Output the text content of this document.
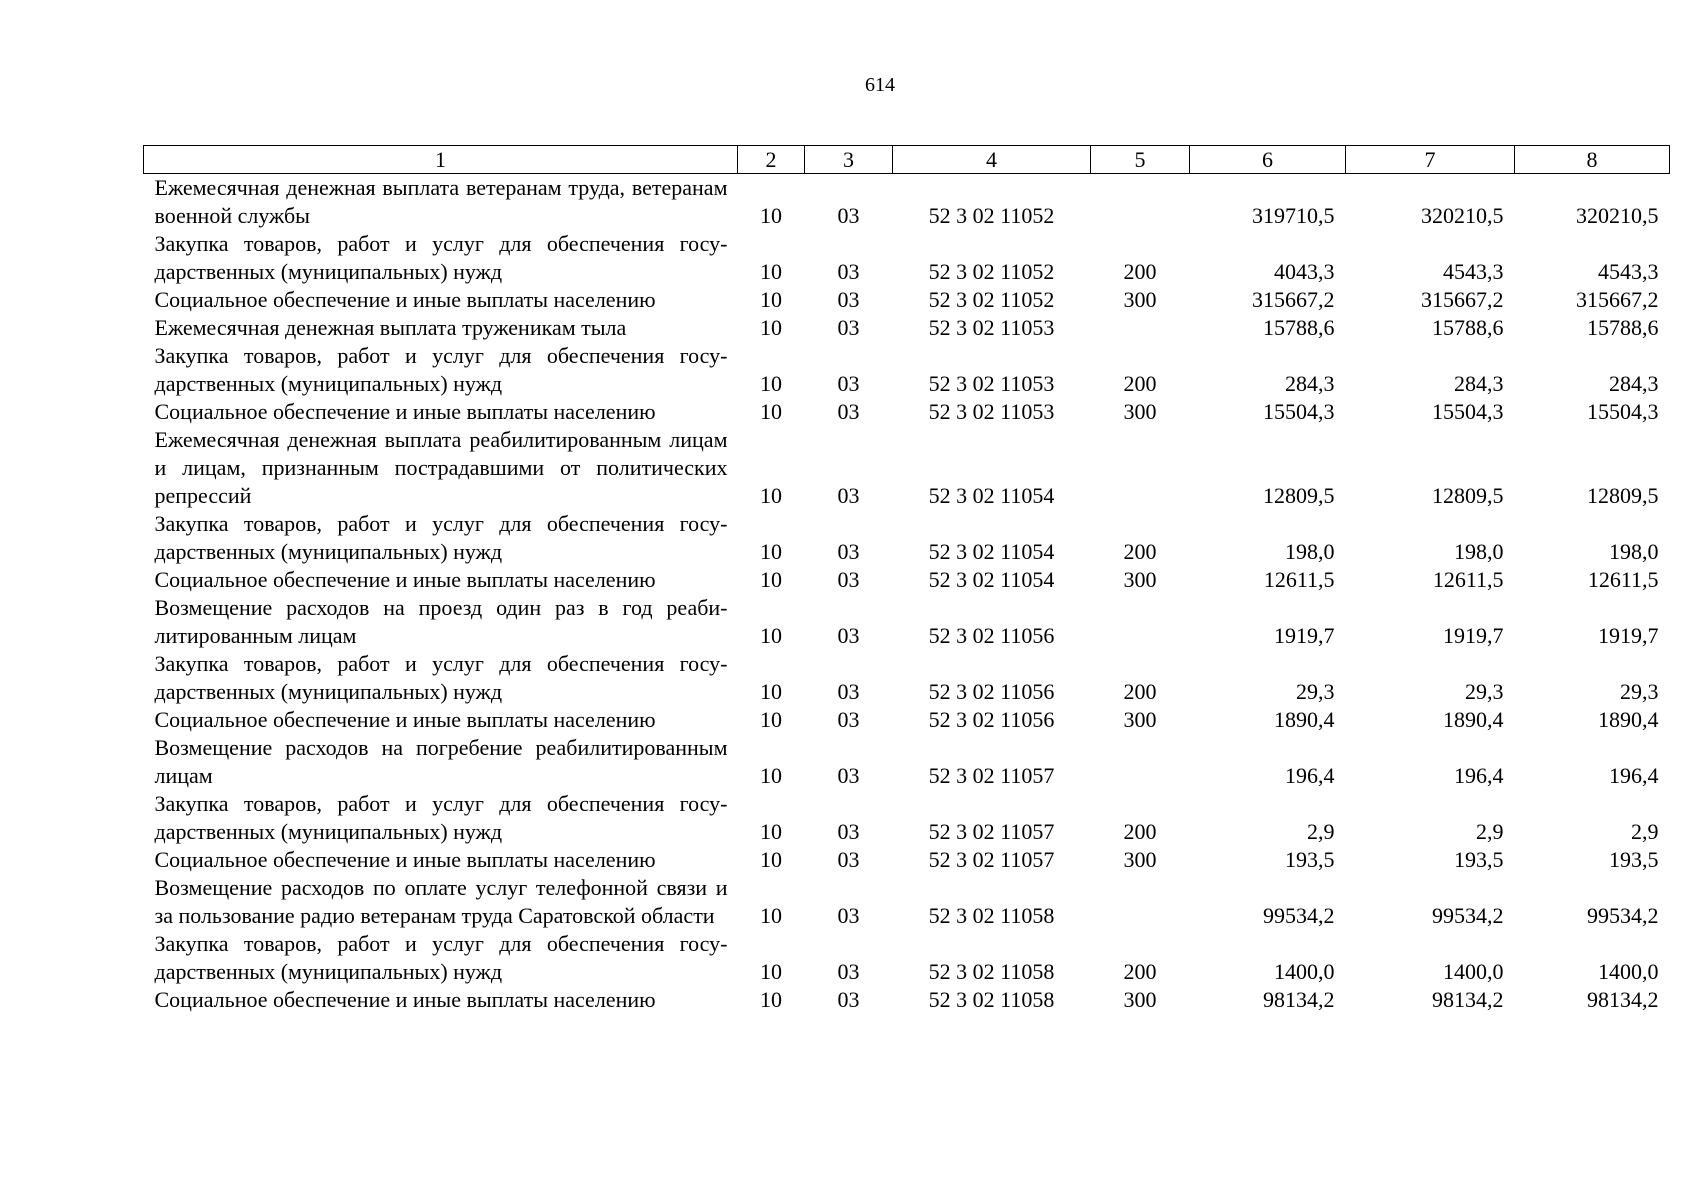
614
1	2	3	4	5	6	7	8
Ежемесячная денежная выплата ветеранам труда, ветеранам военной службы	10	03	52 3 02 11052		319710,5	320210,5	320210,5
Закупка товаров, работ и услуг для обеспечения государственных (муниципальных) нужд	10	03	52 3 02 11052	200	4043,3	4543,3	4543,3
Социальное обеспечение и иные выплаты населению	10	03	52 3 02 11052	300	315667,2	315667,2	315667,2
Ежемесячная денежная выплата труженикам тыла	10	03	52 3 02 11053		15788,6	15788,6	15788,6
Закупка товаров, работ и услуг для обеспечения государственных (муниципальных) нужд	10	03	52 3 02 11053	200	284,3	284,3	284,3
Социальное обеспечение и иные выплаты населению	10	03	52 3 02 11053	300	15504,3	15504,3	15504,3
Ежемесячная денежная выплата реабилитированным лицам и лицам, признанным пострадавшими от политических репрессий	10	03	52 3 02 11054		12809,5	12809,5	12809,5
Закупка товаров, работ и услуг для обеспечения государственных (муниципальных) нужд	10	03	52 3 02 11054	200	198,0	198,0	198,0
Социальное обеспечение и иные выплаты населению	10	03	52 3 02 11054	300	12611,5	12611,5	12611,5
Возмещение расходов на проезд один раз в год реабилитированным лицам	10	03	52 3 02 11056		1919,7	1919,7	1919,7
Закупка товаров, работ и услуг для обеспечения государственных (муниципальных) нужд	10	03	52 3 02 11056	200	29,3	29,3	29,3
Социальное обеспечение и иные выплаты населению	10	03	52 3 02 11056	300	1890,4	1890,4	1890,4
Возмещение расходов на погребение реабилитированным лицам	10	03	52 3 02 11057		196,4	196,4	196,4
Закупка товаров, работ и услуг для обеспечения государственных (муниципальных) нужд	10	03	52 3 02 11057	200	2,9	2,9	2,9
Социальное обеспечение и иные выплаты населению	10	03	52 3 02 11057	300	193,5	193,5	193,5
Возмещение расходов по оплате услуг телефонной связи и за пользование радио ветеранам труда Саратовской области	10	03	52 3 02 11058		99534,2	99534,2	99534,2
Закупка товаров, работ и услуг для обеспечения государственных (муниципальных) нужд	10	03	52 3 02 11058	200	1400,0	1400,0	1400,0
Социальное обеспечение и иные выплаты населению	10	03	52 3 02 11058	300	98134,2	98134,2	98134,2
